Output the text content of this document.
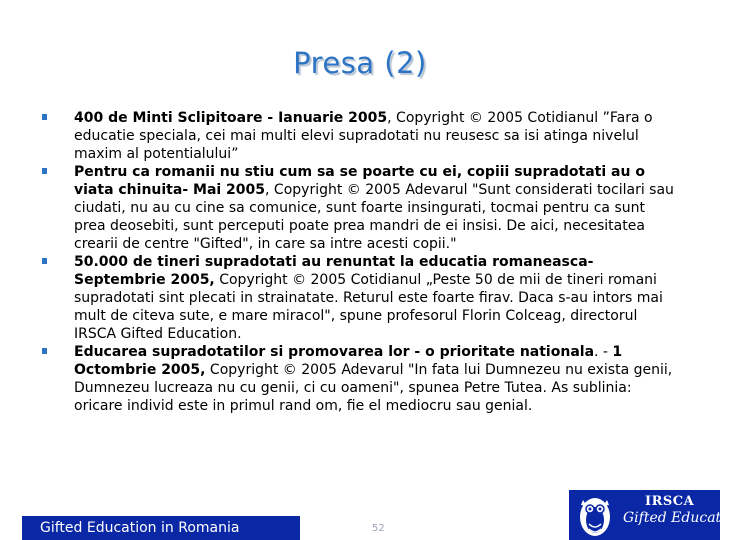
Presa (2)
400 de Minti Sclipitoare - Ianuarie 2005, Copyright © 2005 Cotidianul ”Fara o educatie speciala, cei mai multi elevi supradotati nu reusesc sa isi atinga nivelul maxim al potentialului”
Pentru ca romanii nu stiu cum sa se poarte cu ei, copiii supradotati au o viata chinuita- Mai 2005, Copyright © 2005 Adevarul "Sunt considerati tocilari sau ciudati, nu au cu cine sa comunice, sunt foarte insingurati, tocmai pentru ca sunt prea deosebiti, sunt perceputi poate prea mandri de ei insisi. De aici, necesitatea crearii de centre "Gifted", in care sa intre acesti copii."
50.000 de tineri supradotati au renuntat la educatia romaneasca- Septembrie 2005, Copyright © 2005 Cotidianul „Peste 50 de mii de tineri romani supradotati sint plecati in strainatate. Returul este foarte firav. Daca s-au intors mai mult de citeva sute, e mare miracol", spune profesorul Florin Colceag, directorul IRSCA Gifted Education.
Educarea supradotatilor si promovarea lor - o prioritate nationala. - 1 Octombrie 2005, Copyright © 2005 Adevarul "In fata lui Dumnezeu nu exista genii, Dumnezeu lucreaza nu cu genii, ci cu oameni", spunea Petre Tutea. As sublinia: oricare individ este in primul rand om, fie el mediocru sau genial.
Gifted Education in Romania	52
IRSCA
Gifted Education
